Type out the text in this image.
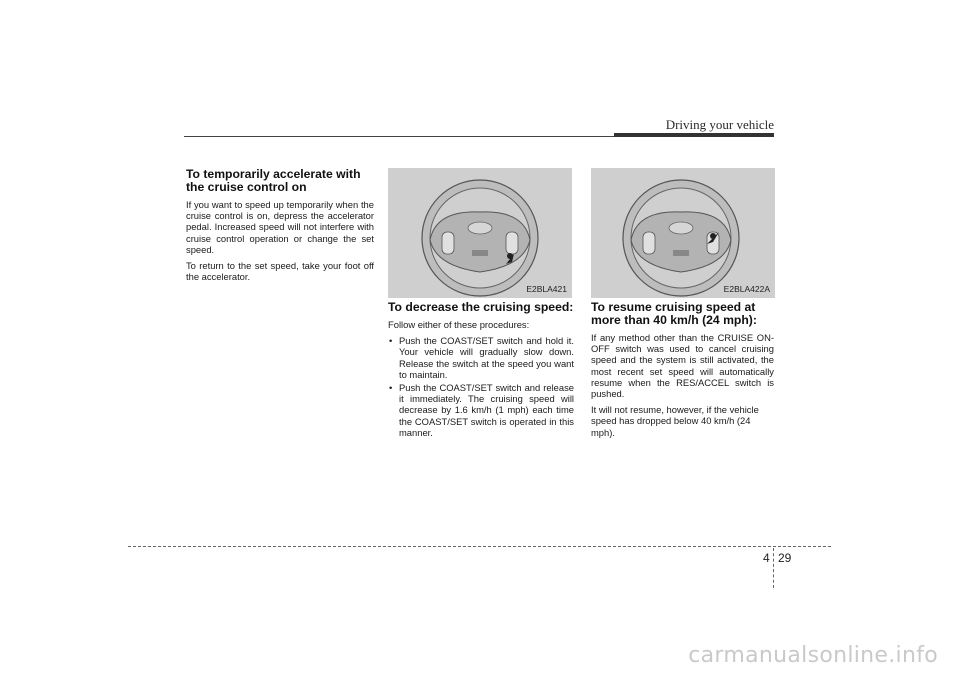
Driving your vehicle
To temporarily accelerate with the cruise control on

If you want to speed up temporarily when the cruise control is on, depress the accelerator pedal. Increased speed will not interfere with cruise control operation or change the set speed.

To return to the set speed, take your foot off the accelerator.

E2BLA421
To decrease the cruising speed:

Follow either of these procedures:

• Push the COAST/SET switch and hold it. Your vehicle will gradually slow down. Release the switch at the speed you want to maintain.
• Push the COAST/SET switch and release it immediately. The cruising speed will decrease by 1.6 km/h (1 mph) each time the COAST/SET switch is operated in this manner.
E2BLA422A
To resume cruising speed at more than 40 km/h (24 mph):

If any method other than the CRUISE ON-OFF switch was used to cancel cruising speed and the system is still activated, the most recent set speed will automatically resume when the RES/ACCEL switch is pushed.

It will not resume, however, if the vehicle speed has dropped below 40 km/h (24 mph).

4 29
carmanualsonline.info
